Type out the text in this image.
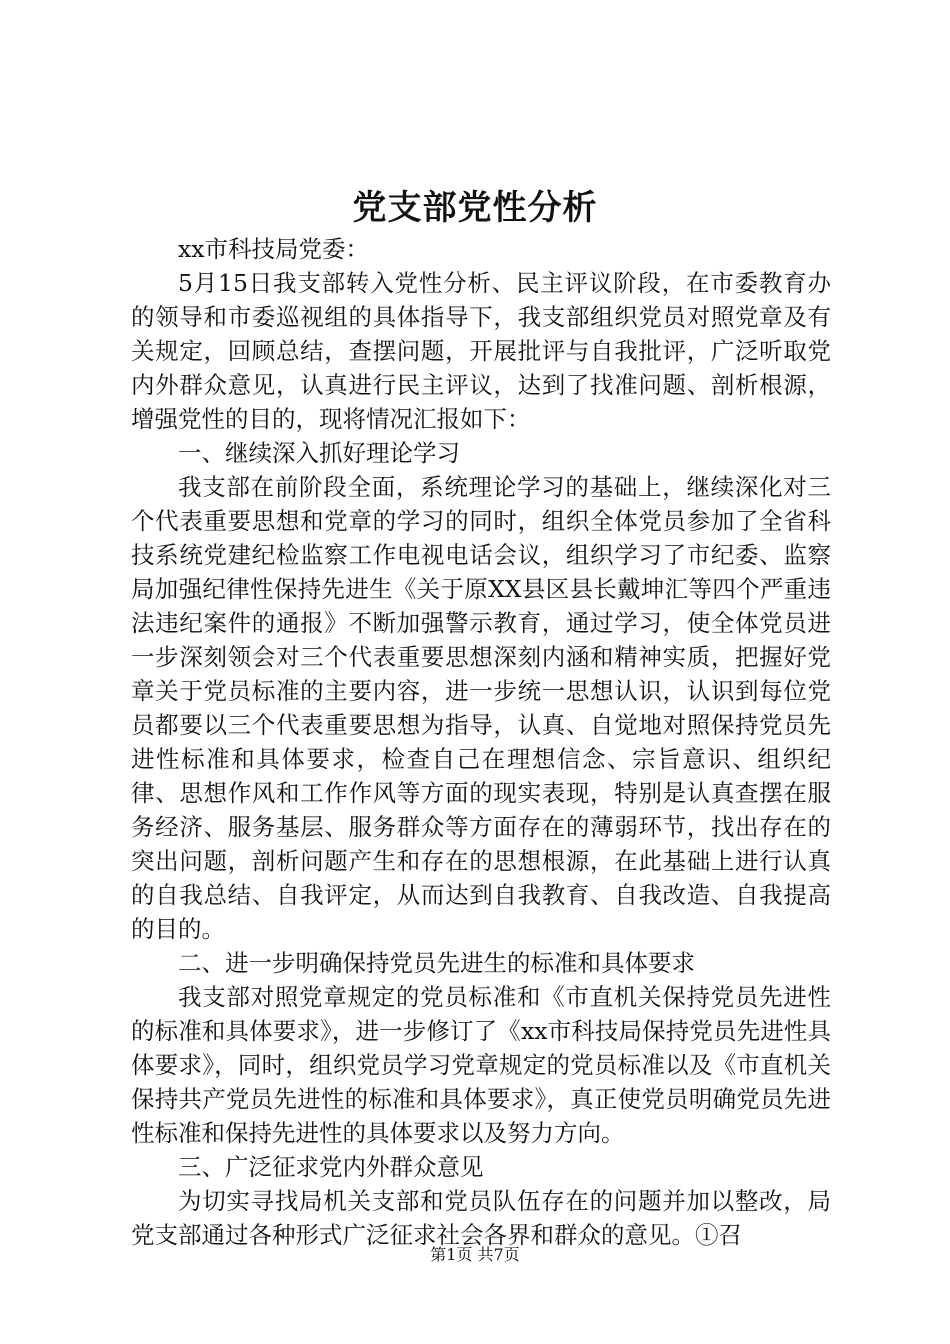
党支部党性分析

xx市科技局党委：

5月15日我支部转入党性分析、民主评议阶段，在市委教育办的领导和市委巡视组的具体指导下，我支部组织党员对照党章及有关规定，回顾总结，查摆问题，开展批评与自我批评，广泛听取党内外群众意见，认真进行民主评议，达到了找准问题、剖析根源，增强党性的目的，现将情况汇报如下：

一、继续深入抓好理论学习

我支部在前阶段全面，系统理论学习的基础上，继续深化对三个代表重要思想和党章的学习的同时，组织全体党员参加了全省科技系统党建纪检监察工作电视电话会议，组织学习了市纪委、监察局加强纪律性保持先进生《关于原XX县区县长戴坤汇等四个严重违法违纪案件的通报》不断加强警示教育，通过学习，使全体党员进一步深刻领会对三个代表重要思想深刻内涵和精神实质，把握好党章关于党员标准的主要内容，进一步统一思想认识，认识到每位党员都要以三个代表重要思想为指导，认真、自觉地对照保持党员先进性标准和具体要求，检查自己在理想信念、宗旨意识、组织纪律、思想作风和工作作风等方面的现实表现，特别是认真查摆在服务经济、服务基层、服务群众等方面存在的薄弱环节，找出存在的突出问题，剖析问题产生和存在的思想根源，在此基础上进行认真的自我总结、自我评定，从而达到自我教育、自我改造、自我提高的目的。

二、进一步明确保持党员先进生的标准和具体要求

我支部对照党章规定的党员标准和《市直机关保持党员先进性的标准和具体要求》，进一步修订了《xx市科技局保持党员先进性具体要求》，同时，组织党员学习党章规定的党员标准以及《市直机关保持共产党员先进性的标准和具体要求》，真正使党员明确党员先进性标准和保持先进性的具体要求以及努力方向。

三、广泛征求党内外群众意见

为切实寻找局机关支部和党员队伍存在的问题并加以整改，局党支部通过各种形式广泛征求社会各界和群众的意见。①召

第1页 共7页
